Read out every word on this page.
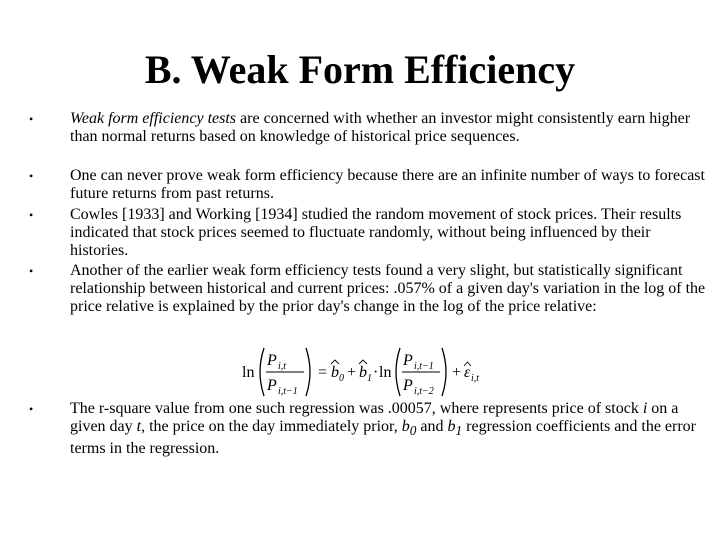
B. Weak Form Efficiency
• Weak form efficiency tests are concerned with whether an investor might consistently earn higher than normal returns based on knowledge of historical price sequences.
• One can never prove weak form efficiency because there are an infinite number of ways to forecast future returns from past returns.
• Cowles [1933] and Working [1934] studied the random movement of stock prices. Their results indicated that stock prices seemed to fluctuate randomly, without being influenced by their histories.
• Another of the earlier weak form efficiency tests found a very slight, but statistically significant relationship between historical and current prices: .057% of a given day's variation in the log of the price relative is explained by the prior day's change in the log of the price relative:
• The r-square value from one such regression was .00057, where represents price of stock i on a given day t, the price on the day immediately prior, $b_0$ and $b_1$ regression coefficients and the error terms in the regression.
ln
P i,t
P i,t−1
= b 0 + b 1 · ln
P i,t−1
P i,t−2
+ ε i,t
